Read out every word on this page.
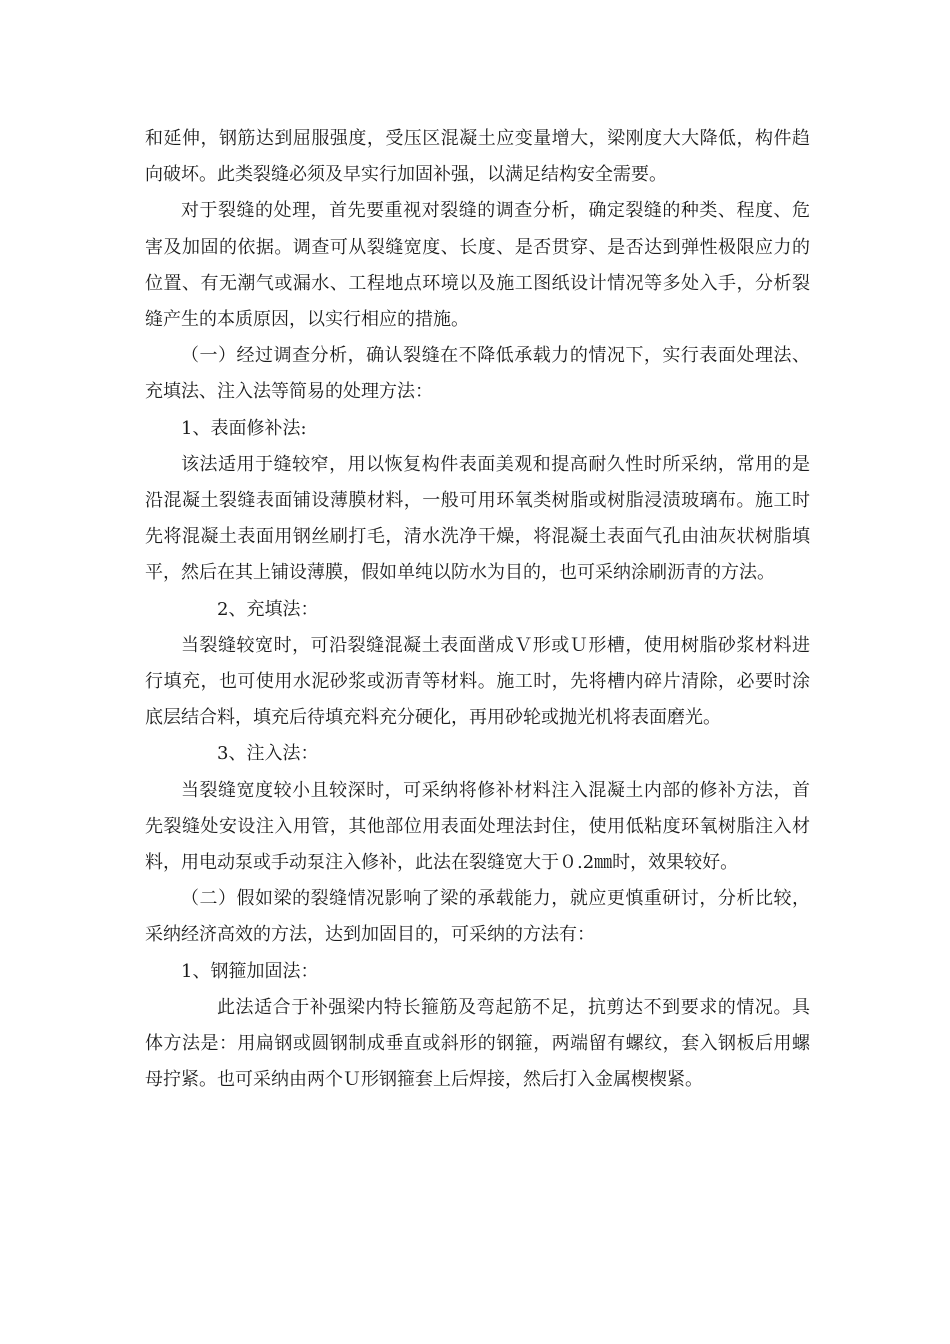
和延伸，钢筋达到屈服强度，受压区混凝土应变量增大，梁刚度大大降低，构件趋向破坏。此类裂缝必须及早实行加固补强，以满足结构安全需要。

对于裂缝的处理，首先要重视对裂缝的调查分析，确定裂缝的种类、程度、危害及加固的依据。调查可从裂缝宽度、长度、是否贯穿、是否达到弹性极限应力的位置、有无潮气或漏水、工程地点环境以及施工图纸设计情况等多处入手，分析裂缝产生的本质原因，以实行相应的措施。

（一）经过调查分析，确认裂缝在不降低承载力的情况下，实行表面处理法、充填法、注入法等简易的处理方法：

1、表面修补法:

该法适用于缝较窄，用以恢复构件表面美观和提高耐久性时所采纳，常用的是沿混凝土裂缝表面铺设薄膜材料，一般可用环氧类树脂或树脂浸渍玻璃布。施工时先将混凝土表面用钢丝刷打毛，清水洗净干燥，将混凝土表面气孔由油灰状树脂填平，然后在其上铺设薄膜，假如单纯以防水为目的，也可采纳涂刷沥青的方法。

2、充填法：

当裂缝较宽时，可沿裂缝混凝土表面凿成Ｖ形或Ｕ形槽，使用树脂砂浆材料进行填充，也可使用水泥砂浆或沥青等材料。施工时，先将槽内碎片清除，必要时涂底层结合料，填充后待填充料充分硬化，再用砂轮或抛光机将表面磨光。

3、注入法：

当裂缝宽度较小且较深时，可采纳将修补材料注入混凝土内部的修补方法，首先裂缝处安设注入用管，其他部位用表面处理法封住，使用低粘度环氧树脂注入材料，用电动泵或手动泵注入修补，此法在裂缝宽大于０.2㎜时，效果较好。

（二）假如梁的裂缝情况影响了梁的承载能力，就应更慎重研讨，分析比较，采纳经济高效的方法，达到加固目的，可采纳的方法有：

1、钢箍加固法：

此法适合于补强梁内特长箍筋及弯起筋不足，抗剪达不到要求的情况。具体方法是：用扁钢或圆钢制成垂直或斜形的钢箍，两端留有螺纹，套入钢板后用螺母拧紧。也可采纳由两个Ｕ形钢箍套上后焊接，然后打入金属楔楔紧。
